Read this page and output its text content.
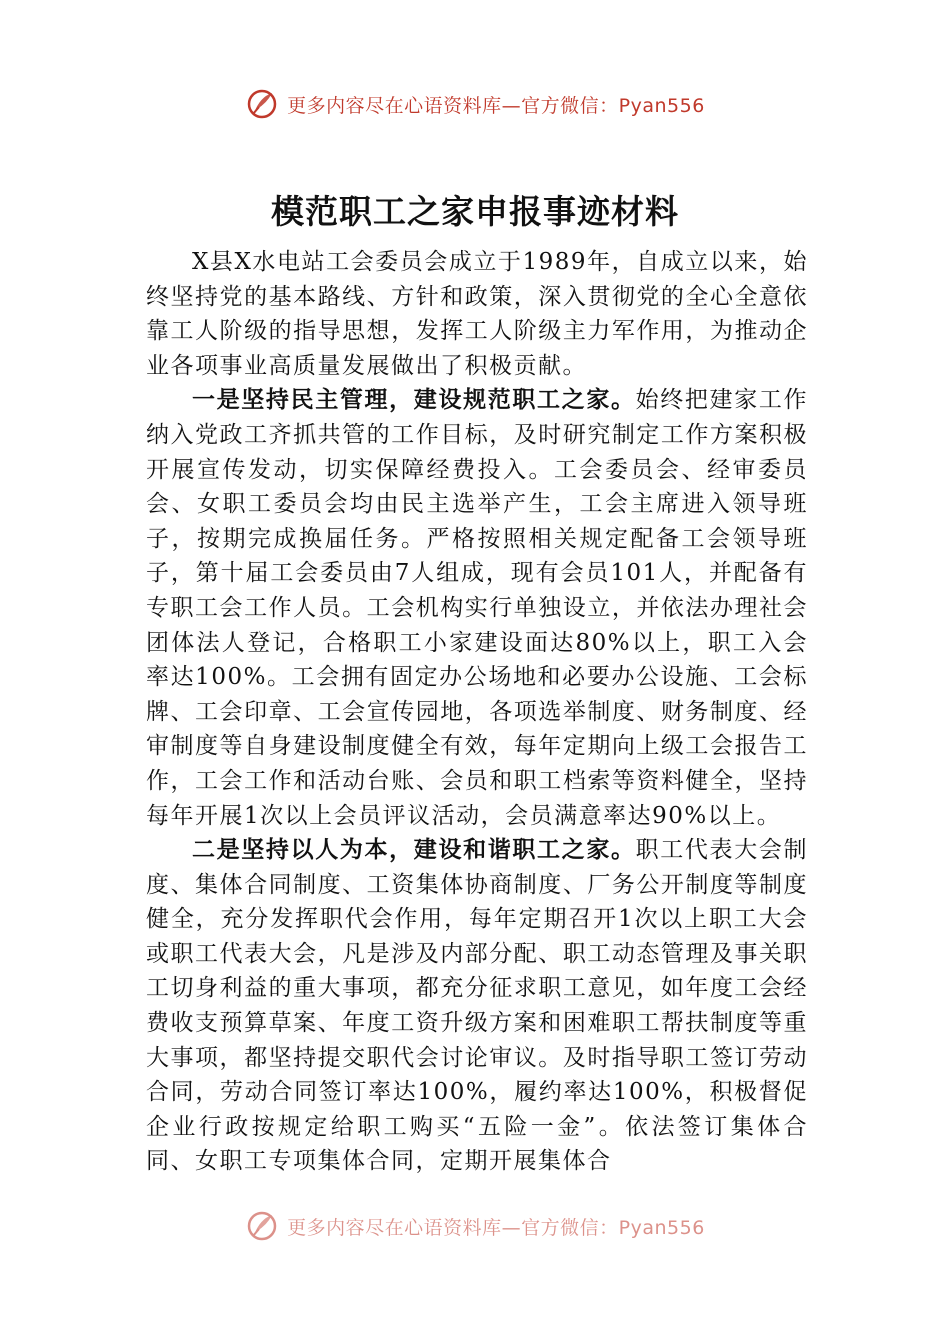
更多内容尽在心语资料库—官方微信：Pyan556
模范职工之家申报事迹材料

X县X水电站工会委员会成立于1989年，自成立以来，始终坚持党的基本路线、方针和政策，深入贯彻党的全心全意依靠工人阶级的指导思想，发挥工人阶级主力军作用，为推动企业各项事业高质量发展做出了积极贡献。

一是坚持民主管理，建设规范职工之家。始终把建家工作纳入党政工齐抓共管的工作目标，及时研究制定工作方案积极开展宣传发动，切实保障经费投入。工会委员会、经审委员会、女职工委员会均由民主选举产生，工会主席进入领导班子，按期完成换届任务。严格按照相关规定配备工会领导班子，第十届工会委员由7人组成，现有会员101人，并配备有专职工会工作人员。工会机构实行单独设立，并依法办理社会团体法人登记，合格职工小家建设面达80%以上，职工入会率达100%。工会拥有固定办公场地和必要办公设施、工会标牌、工会印章、工会宣传园地，各项选举制度、财务制度、经审制度等自身建设制度健全有效，每年定期向上级工会报告工作，工会工作和活动台账、会员和职工档索等资料健全，坚持每年开展1次以上会员评议活动，会员满意率达90%以上。

二是坚持以人为本，建设和谐职工之家。职工代表大会制度、集体合同制度、工资集体协商制度、厂务公开制度等制度健全，充分发挥职代会作用，每年定期召开1次以上职工大会或职工代表大会，凡是涉及内部分配、职工动态管理及事关职工切身利益的重大事项，都充分征求职工意见，如年度工会经费收支预算草案、年度工资升级方案和困难职工帮扶制度等重大事项，都坚持提交职代会讨论审议。及时指导职工签订劳动合同，劳动合同签订率达100%，履约率达100%，积极督促企业行政按规定给职工购买“五险一金”。依法签订集体合同、女职工专项集体合同，定期开展集体合

更多内容尽在心语资料库—官方微信：Pyan556
